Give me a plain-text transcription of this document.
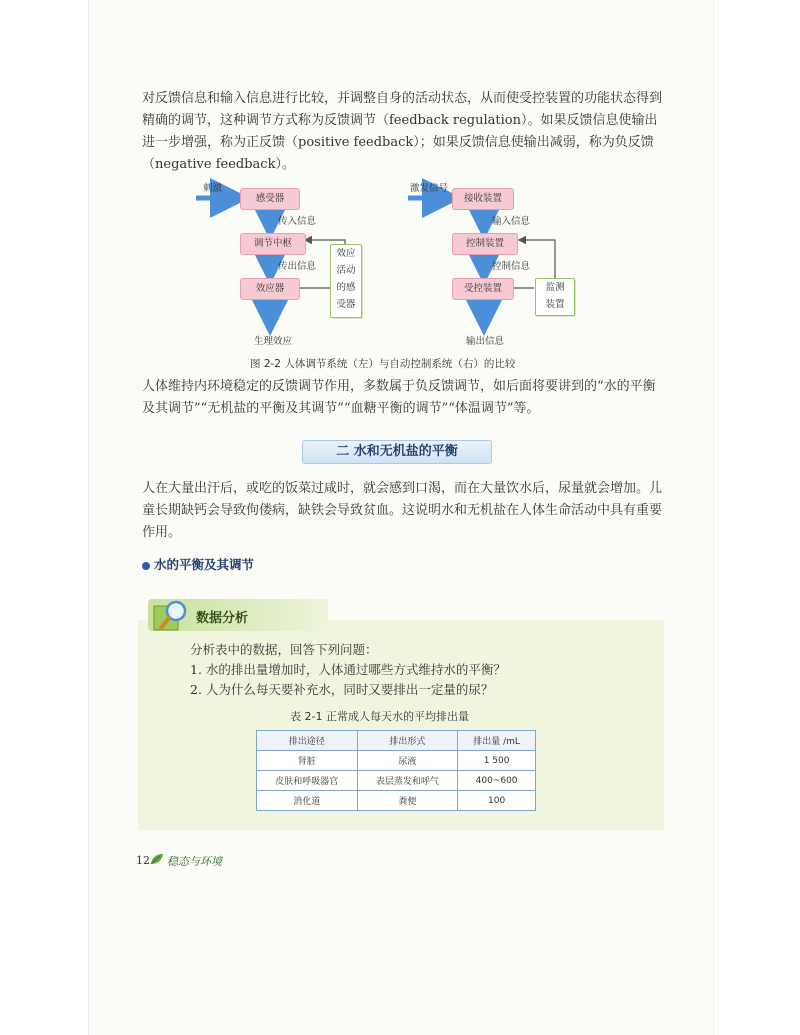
对反馈信息和输入信息进行比较，并调整自身的活动状态，从而使受控装置的功能状态得到精确的调节，这种调节方式称为反馈调节（feedback regulation）。如果反馈信息使输出进一步增强，称为正反馈（positive feedback）；如果反馈信息使输出减弱，称为负反馈（negative feedback）。

刺激
感受器
传入信息
调节中枢
传出信息
效应器
生理效应
效应
活动
的感
受器
激发信号
接收装置
输入信息
控制装置
控制信息
受控装置
输出信息
监测
装置
图 2-2 人体调节系统（左）与自动控制系统（右）的比较

人体维持内环境稳定的反馈调节作用，多数属于负反馈调节，如后面将要讲到的“水的平衡及其调节”“无机盐的平衡及其调节”“血糖平衡的调节”“体温调节”等。

二 水和无机盐的平衡

人在大量出汗后，或吃的饭菜过咸时，就会感到口渴，而在大量饮水后，尿量就会增加。儿童长期缺钙会导致佝偻病，缺铁会导致贫血。这说明水和无机盐在人体生命活动中具有重要作用。

水的平衡及其调节
数据分析
分析表中的数据，回答下列问题：
1. 水的排出量增加时，人体通过哪些方式维持水的平衡？
2. 人为什么每天要补充水，同时又要排出一定量的尿？
表 2-1 正常成人每天水的平均排出量
排出途径	排出形式	排出量 /mL
肾脏	尿液	1 500
皮肤和呼吸器官	表层蒸发和呼气	400~600
消化道	粪便	100
12 稳态与环境
